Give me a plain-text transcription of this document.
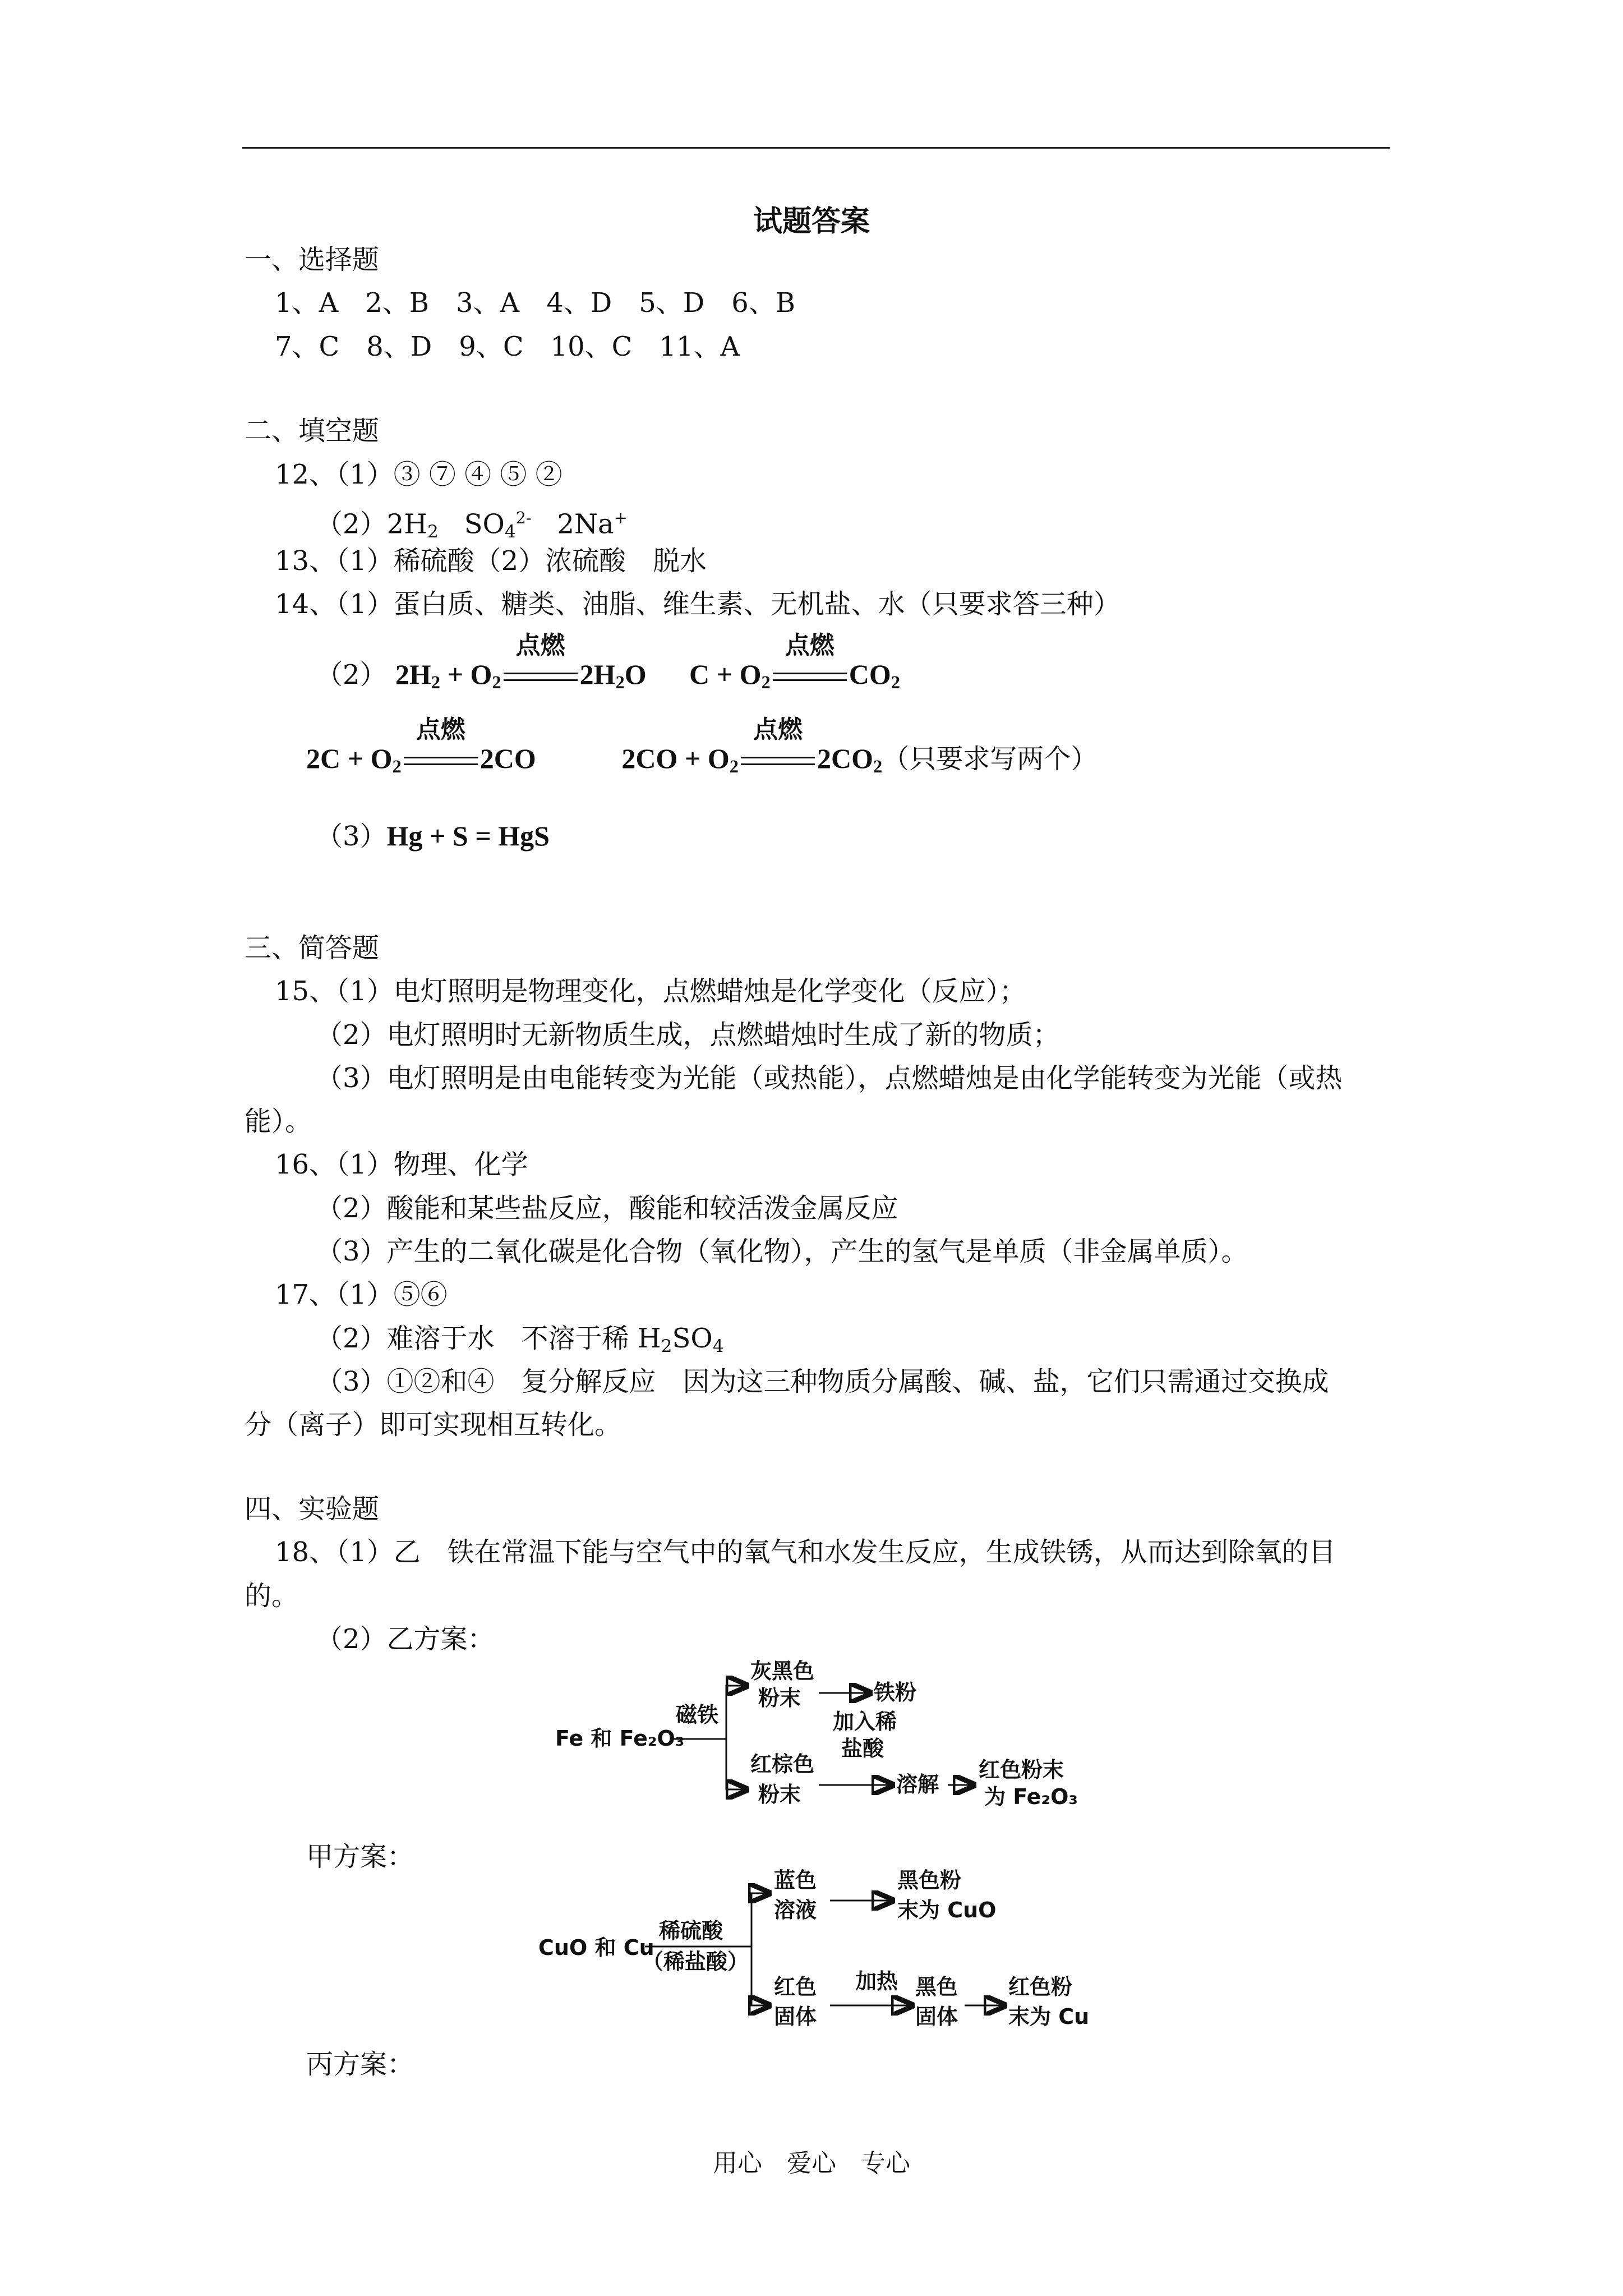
试题答案
一、选择题
1、A　2、B　3、A　4、D　5、D　6、B
7、C　8、D　9、C　10、C　11、A
二、填空题
12、（1）③ ⑦ ④ ⑤ ②
$(2)2H_2$ $SO_4^{2-}$ 2Na+
13、（1）稀硫酸（2）浓硫酸　脱水
14、（1）蛋白质、糖类、油脂、维生素、无机盐、水（只要求答三种）
（2） $2H_2 + O_2$
点燃
$2H_2O$ $C + O_2$
点燃
$CO_2$
$2C + O_2$
点燃
2CO	$2CO + O_2$
点燃
$2CO_2$（只要求写两个）
（3）Hg + S = HgS
三、简答题
15、（1）电灯照明是物理变化，点燃蜡烛是化学变化（反应）；
（2）电灯照明时无新物质生成，点燃蜡烛时生成了新的物质；
（3）电灯照明是由电能转变为光能（或热能），点燃蜡烛是由化学能转变为光能（或热
能）。
16、（1）物理、化学
（2）酸能和某些盐反应，酸能和较活泼金属反应
（3）产生的二氧化碳是化合物（氧化物），产生的氢气是单质（非金属单质）。
17、（1）⑤⑥
（2）难溶于水　不溶于稀 $H_2SO_4$
（3）①②和④　复分解反应　因为这三种物质分属酸、碱、盐，它们只需通过交换成
分（离子）即可实现相互转化。
四、实验题
18、（1）乙　铁在常温下能与空气中的氧气和水发生反应，生成铁锈，从而达到除氧的目
的。
（2）乙方案：
Fe 和 Fe₂O₃
磁铁
灰黑色
粉末	铁粉
加入稀
盐酸
红棕色
粉末	溶解
红色粉末
为 Fe₂O₃
甲方案：
CuO 和 Cu
稀硫酸
（稀盐酸）
蓝色
溶液
黑色粉
末为 CuO
红色
固体
加热 黑色
固体
红色粉
末为 Cu
丙方案：
用心　爱心　专心
